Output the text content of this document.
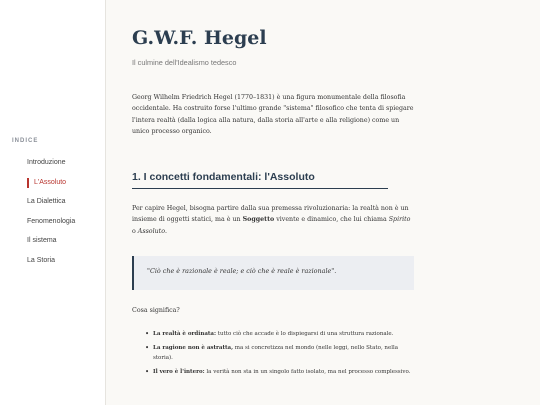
INDICE
Introduzione
L'Assoluto
La Dialettica
Fenomenologia
Il sistema
La Storia
G.W.F. Hegel
Il culmine dell'Idealismo tedesco

Georg Wilhelm Friedrich Hegel (1770–1831) è una figura monumentale della filosofia occidentale. Ha costruito forse l'ultimo grande "sistema" filosofico che tenta di spiegare l'intera realtà (dalla logica alla natura, dalla storia all'arte e alla religione) come un unico processo organico.

1. I concetti fondamentali: l'Assoluto

Per capire Hegel, bisogna partire dalla sua premessa rivoluzionaria: la realtà non è un insieme di oggetti statici, ma è un Soggetto vivente e dinamico, che lui chiama Spirito o Assoluto.

"Ciò che è razionale è reale; e ciò che è reale è razionale".

Cosa significa?

• La realtà è ordinata: tutto ciò che accade è lo dispiegarsi di una struttura razionale.
• La ragione non è astratta, ma si concretizza nel mondo (nelle leggi, nello Stato, nella storia).
• Il vero è l'intero: la verità non sta in un singolo fatto isolato, ma nel processo complessivo.
